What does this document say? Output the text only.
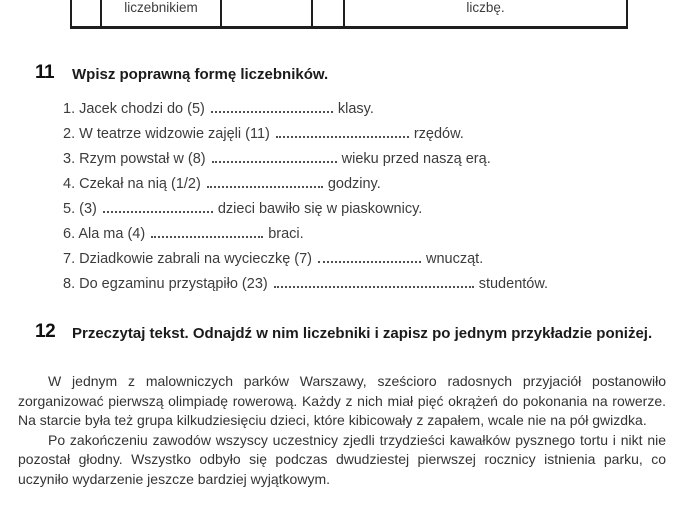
liczebnikiem	liczbę.
11 Wpisz poprawną formę liczebników.
1. Jacek chodzi do (5)	klasy.
2. W teatrze widzowie zajęli (11)	rzędów.
3. Rzym powstał w (8)	wieku przed naszą erą.
4. Czekał na nią (1/2)	godziny.
5. (3)	dzieci bawiło się w piaskownicy.
6. Ala ma (4)	braci.
7. Dziadkowie zabrali na wycieczkę (7)	wnucząt.
8. Do egzaminu przystąpiło (23)	studentów.
12 Przeczytaj tekst. Odnajdź w nim liczebniki i zapisz po jednym przykładzie poniżej.

W jednym z malowniczych parków Warszawy, sześcioro radosnych przyjaciół postanowiło zorganizować pierwszą olimpiadę rowerową. Każdy z nich miał pięć okrążeń do pokonania na rowerze. Na starcie była też grupa kilkudziesięciu dzieci, które kibicowały z zapałem, wcale nie na pół gwizdka.

Po zakończeniu zawodów wszyscy uczestnicy zjedli trzydzieści kawałków pysznego tortu i nikt nie pozostał głodny. Wszystko odbyło się podczas dwudziestej pierwszej rocznicy istnienia parku, co uczyniło wydarzenie jeszcze bardziej wyjątkowym.
